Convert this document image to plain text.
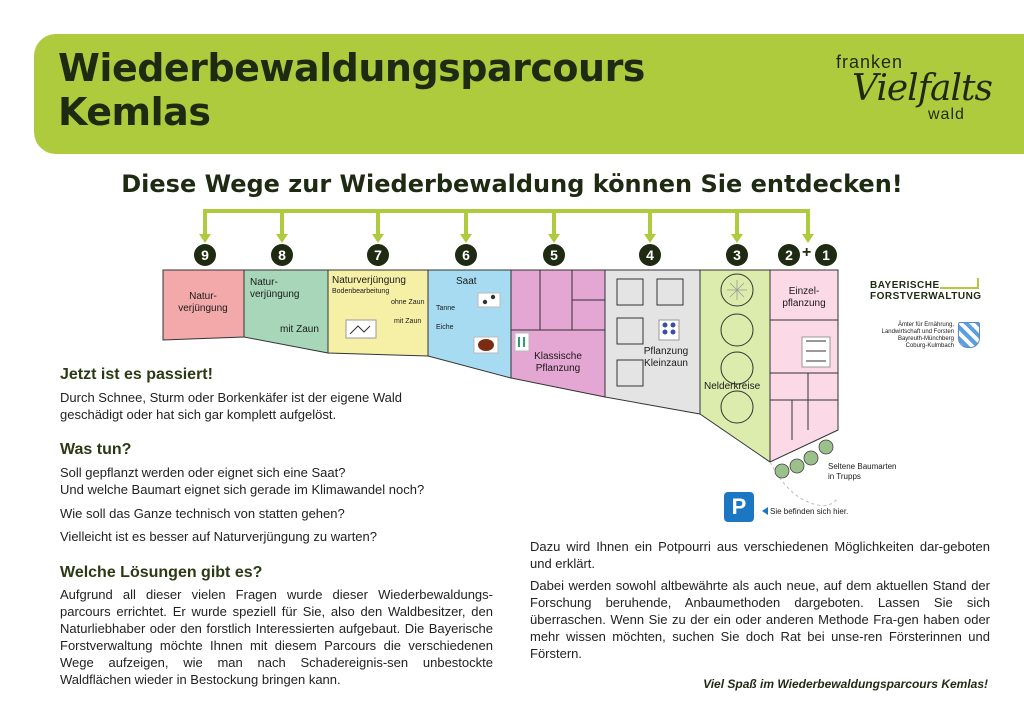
Wiederbewaldungsparcours
Kemlas
franken
Vielfalts
wald
Diese Wege zur Wiederbewaldung können Sie entdecken!
9	8	7	6	5	4	3	2 + 1
Natur-
verjüngung
Natur-
verjüngung
mit Zaun
Naturverjüngung
Bodenbearbeitung
ohne Zaun
mit Zaun
Saat
Tanne
Eiche
Klassische
Pflanzung
Pflanzung
Kleinzaun
Nelderkreise
Einzel-
pflanzung
Seltene Baumarten
in Trupps
P	Sie befinden sich hier.
BAYERISCHE
FORSTVERWALTUNG
Ämter für Ernährung,
Landwirtschaft und Forsten
Bayreuth-Münchberg
Coburg-Kulmbach
Jetzt ist es passiert!
Durch Schnee, Sturm oder Borkenkäfer ist der eigene Wald
geschädigt oder hat sich gar komplett aufgelöst.
Was tun?
Soll gepflanzt werden oder eignet sich eine Saat?
Und welche Baumart eignet sich gerade im Klimawandel noch?
Wie soll das Ganze technisch von statten gehen?
Vielleicht ist es besser auf Naturverjüngung zu warten?
Welche Lösungen gibt es?
Aufgrund all dieser vielen Fragen wurde dieser Wiederbewaldungs-parcours errichtet. Er wurde speziell für Sie, also den Waldbesitzer, den Naturliebhaber oder den forstlich Interessierten aufgebaut. Die Bayerische Forstverwaltung möchte Ihnen mit diesem Parcours die verschiedenen Wege aufzeigen, wie man nach Schadereignis-sen unbestockte Waldflächen wieder in Bestockung bringen kann.
Dazu wird Ihnen ein Potpourri aus verschiedenen Möglichkeiten dar-geboten und erklärt.
Dabei werden sowohl altbewährte als auch neue, auf dem aktuellen Stand der Forschung beruhende, Anbaumethoden dargeboten. Lassen Sie sich überraschen. Wenn Sie zu der ein oder anderen Methode Fra-gen haben oder mehr wissen möchten, suchen Sie doch Rat bei unse-ren Försterinnen und Förstern.
Viel Spaß im Wiederbewaldungsparcours Kemlas!
